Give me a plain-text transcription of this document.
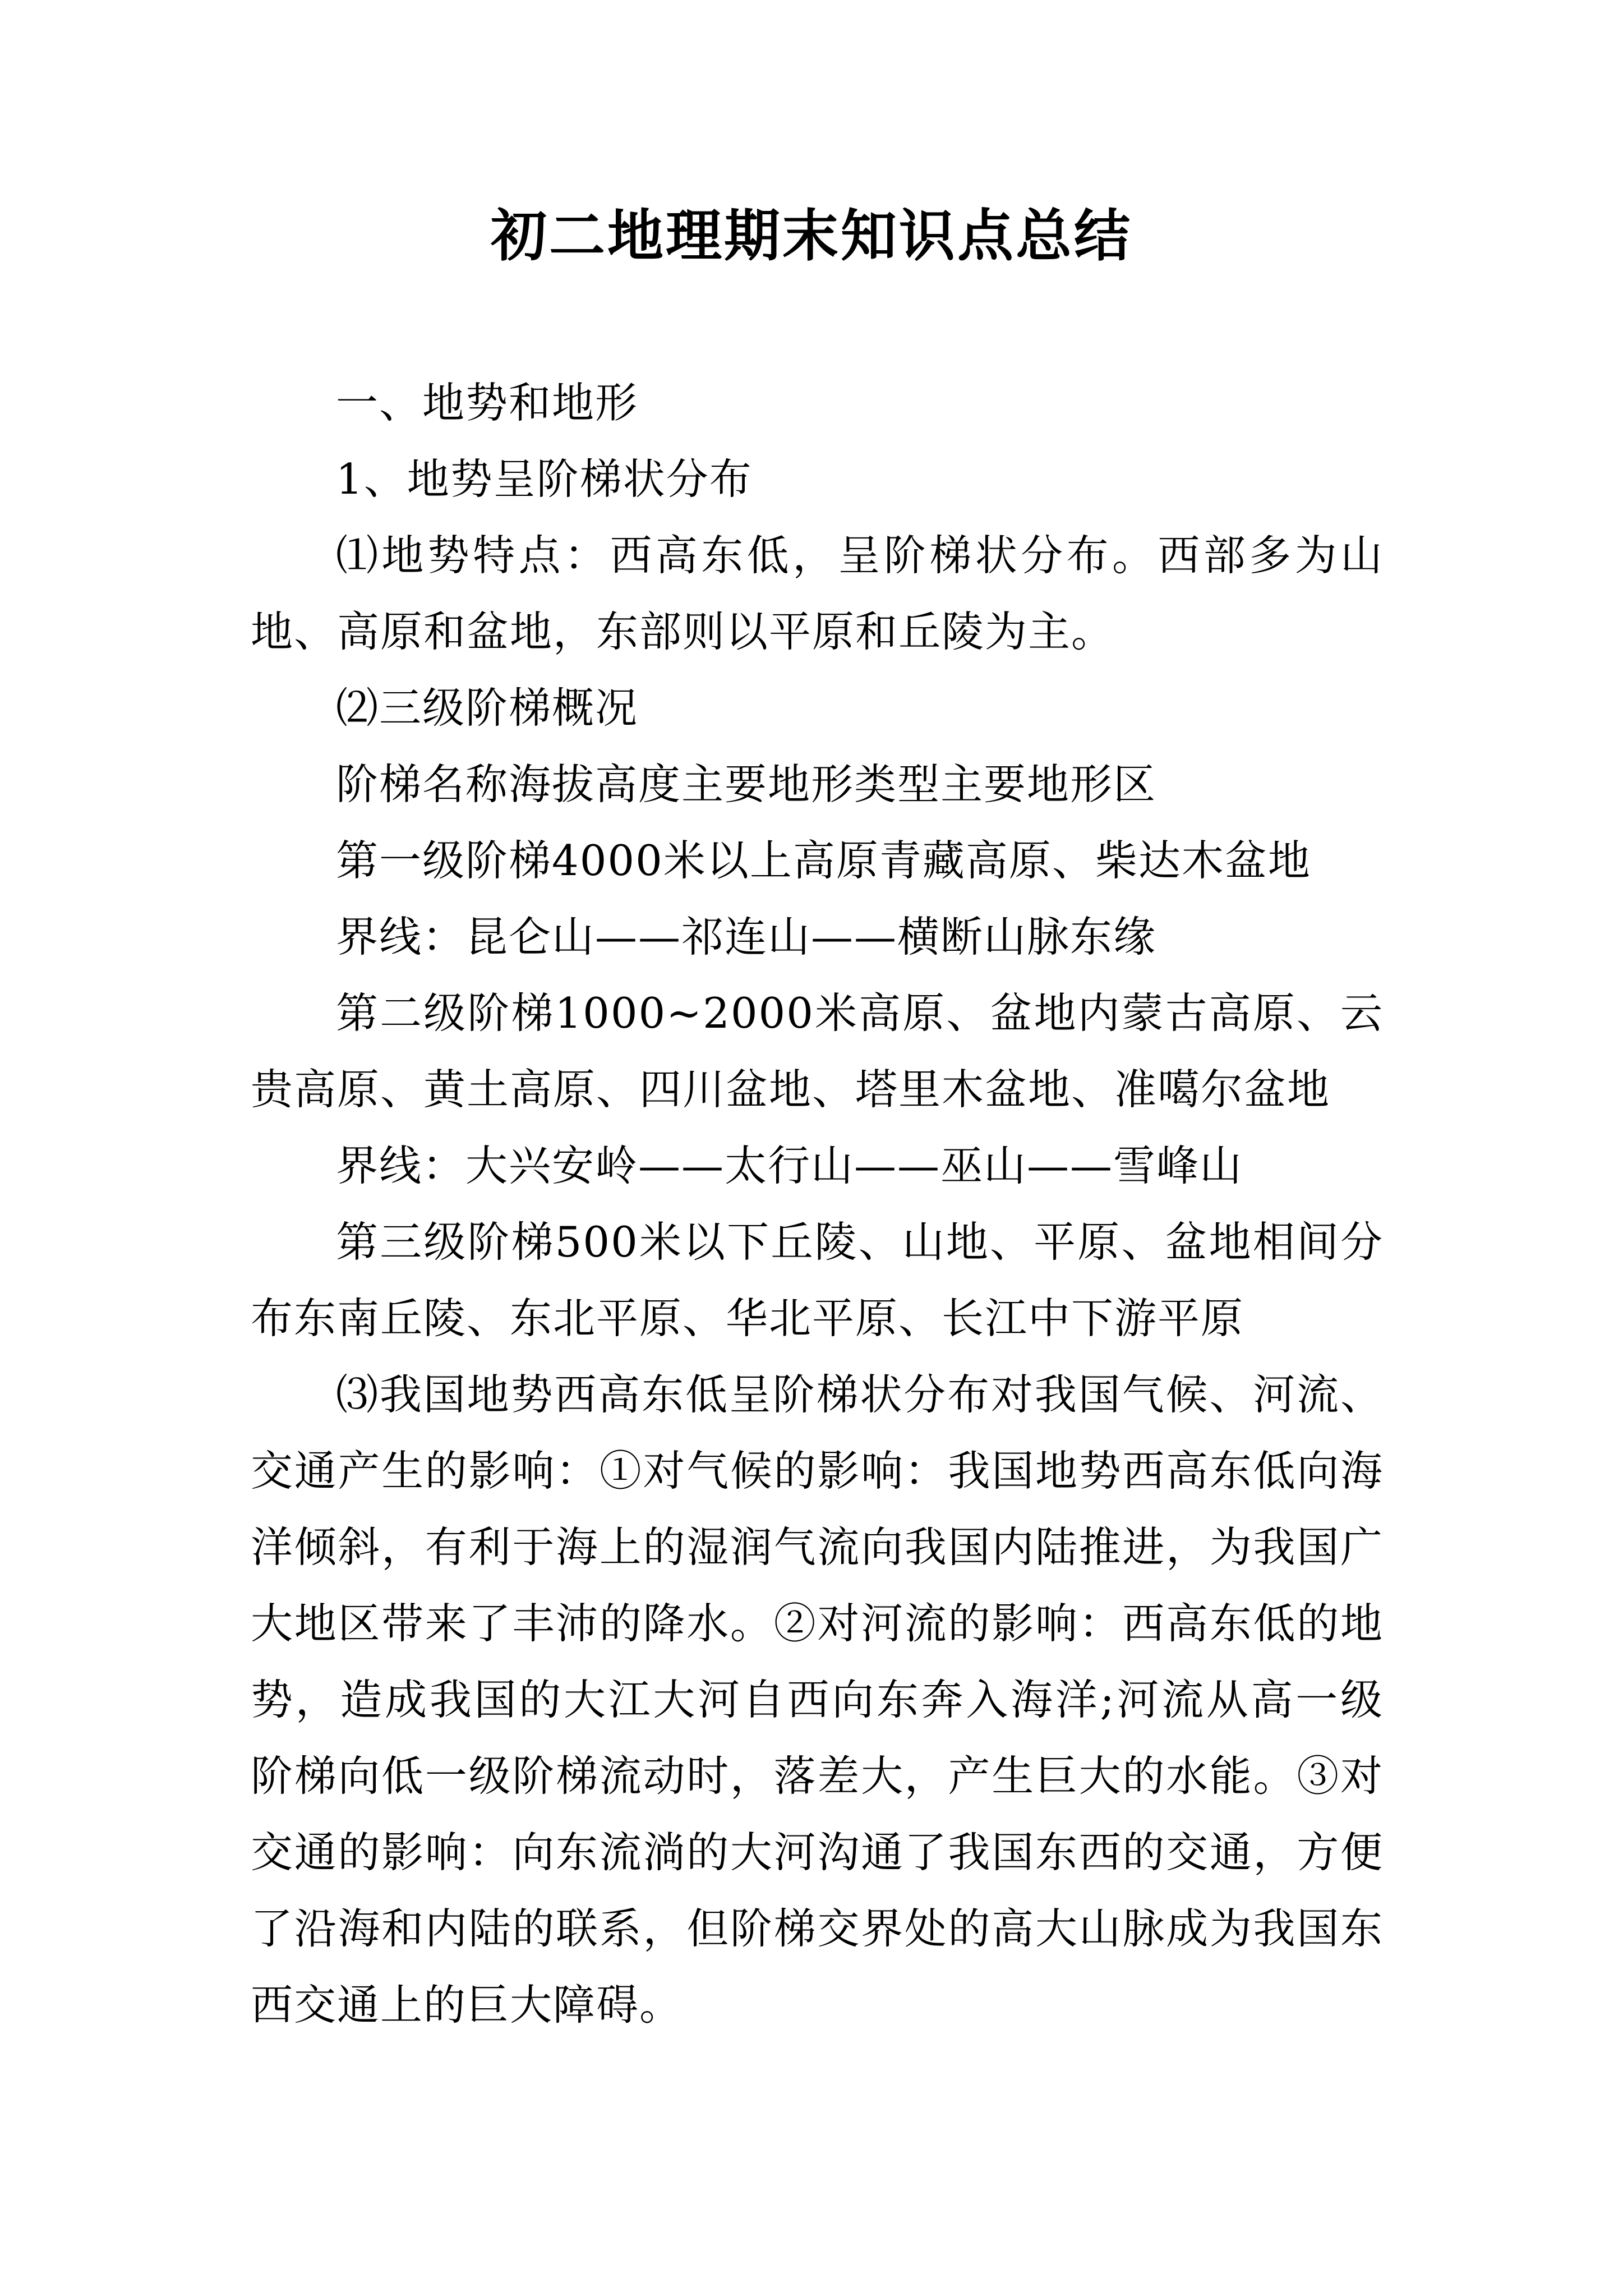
初二地理期末知识点总结

一、地势和地形

1、地势呈阶梯状分布

⑴地势特点：西高东低，呈阶梯状分布。西部多为山地、高原和盆地，东部则以平原和丘陵为主。

⑵三级阶梯概况

阶梯名称海拔高度主要地形类型主要地形区

第一级阶梯4000米以上高原青藏高原、柴达木盆地

界线：昆仑山——祁连山——横断山脉东缘

第二级阶梯1000~2000米高原、盆地内蒙古高原、云贵高原、黄土高原、四川盆地、塔里木盆地、准噶尔盆地

界线：大兴安岭——太行山——巫山——雪峰山

第三级阶梯500米以下丘陵、山地、平原、盆地相间分布东南丘陵、东北平原、华北平原、长江中下游平原

⑶我国地势西高东低呈阶梯状分布对我国气候、河流、交通产生的影响：①对气候的影响：我国地势西高东低向海洋倾斜，有利于海上的湿润气流向我国内陆推进，为我国广大地区带来了丰沛的降水。②对河流的影响：西高东低的地势，造成我国的大江大河自西向东奔入海洋;河流从高一级阶梯向低一级阶梯流动时，落差大，产生巨大的水能。③对交通的影响：向东流淌的大河沟通了我国东西的交通，方便了沿海和内陆的联系，但阶梯交界处的高大山脉成为我国东西交通上的巨大障碍。
